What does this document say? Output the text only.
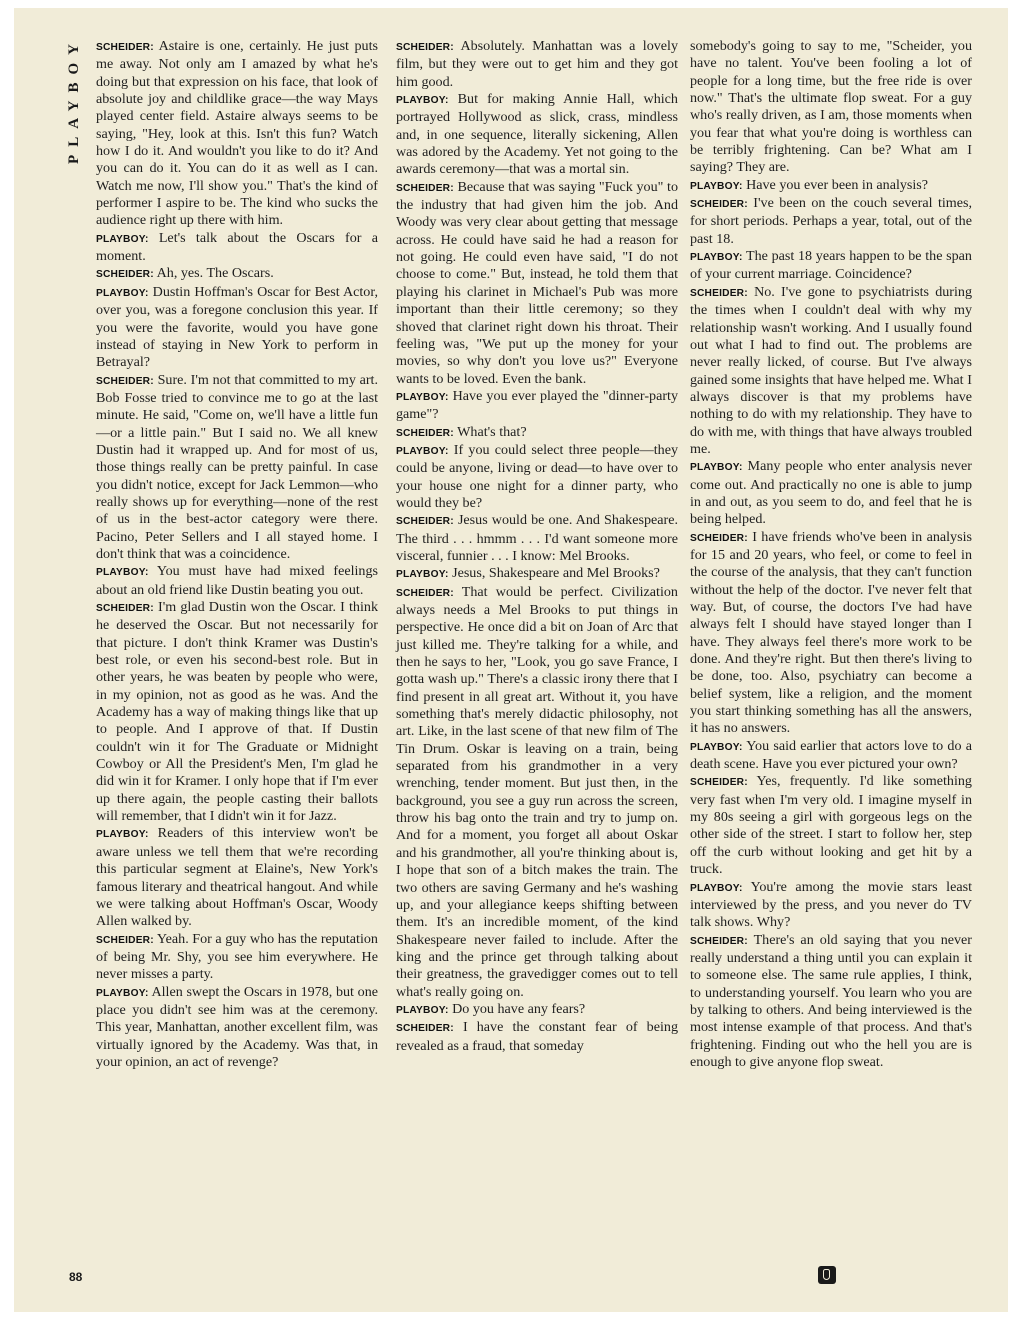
PLAYBOY
88

SCHEIDER: Astaire is one, certainly. He just puts me away. Not only am I amazed by what he's doing but that expression on his face, that look of absolute joy and childlike grace—the way Mays played center field. Astaire always seems to be saying, "Hey, look at this. Isn't this fun? Watch how I do it. And wouldn't you like to do it? And you can do it. You can do it as well as I can. Watch me now, I'll show you." That's the kind of performer I aspire to be. The kind who sucks the audience right up there with him.

PLAYBOY: Let's talk about the Oscars for a moment.

SCHEIDER: Ah, yes. The Oscars.

PLAYBOY: Dustin Hoffman's Oscar for Best Actor, over you, was a foregone conclusion this year. If you were the favorite, would you have gone instead of staying in New York to perform in Betrayal?

SCHEIDER: Sure. I'm not that committed to my art. Bob Fosse tried to convince me to go at the last minute. He said, "Come on, we'll have a little fun—or a little pain." But I said no. We all knew Dustin had it wrapped up. And for most of us, those things really can be pretty painful. In case you didn't notice, except for Jack Lemmon—who really shows up for everything—none of the rest of us in the best-actor category were there. Pacino, Peter Sellers and I all stayed home. I don't think that was a coincidence.

PLAYBOY: You must have had mixed feelings about an old friend like Dustin beating you out.

SCHEIDER: I'm glad Dustin won the Oscar. I think he deserved the Oscar. But not necessarily for that picture. I don't think Kramer was Dustin's best role, or even his second-best role. But in other years, he was beaten by people who were, in my opinion, not as good as he was. And the Academy has a way of making things like that up to people. And I approve of that. If Dustin couldn't win it for The Graduate or Midnight Cowboy or All the President's Men, I'm glad he did win it for Kramer. I only hope that if I'm ever up there again, the people casting their ballots will remember, that I didn't win it for Jazz.

PLAYBOY: Readers of this interview won't be aware unless we tell them that we're recording this particular segment at Elaine's, New York's famous literary and theatrical hangout. And while we were talking about Hoffman's Oscar, Woody Allen walked by.

SCHEIDER: Yeah. For a guy who has the reputation of being Mr. Shy, you see him everywhere. He never misses a party.

PLAYBOY: Allen swept the Oscars in 1978, but one place you didn't see him was at the ceremony. This year, Manhattan, another excellent film, was virtually ignored by the Academy. Was that, in your opinion, an act of revenge?

SCHEIDER: Absolutely. Manhattan was a lovely film, but they were out to get him and they got him good.

PLAYBOY: But for making Annie Hall, which portrayed Hollywood as slick, crass, mindless and, in one sequence, literally sickening, Allen was adored by the Academy. Yet not going to the awards ceremony—that was a mortal sin.

SCHEIDER: Because that was saying "Fuck you" to the industry that had given him the job. And Woody was very clear about getting that message across. He could have said he had a reason for not going. He could even have said, "I do not choose to come." But, instead, he told them that playing his clarinet in Michael's Pub was more important than their little ceremony; so they shoved that clarinet right down his throat. Their feeling was, "We put up the money for your movies, so why don't you love us?" Everyone wants to be loved. Even the bank.

PLAYBOY: Have you ever played the "dinner-party game"?

SCHEIDER: What's that?

PLAYBOY: If you could select three people—they could be anyone, living or dead—to have over to your house one night for a dinner party, who would they be?

SCHEIDER: Jesus would be one. And Shakespeare. The third . . . hmmm . . . I'd want someone more visceral, funnier . . . I know: Mel Brooks.

PLAYBOY: Jesus, Shakespeare and Mel Brooks?

SCHEIDER: That would be perfect. Civilization always needs a Mel Brooks to put things in perspective. He once did a bit on Joan of Arc that just killed me. They're talking for a while, and then he says to her, "Look, you go save France, I gotta wash up." There's a classic irony there that I find present in all great art. Without it, you have something that's merely didactic philosophy, not art. Like, in the last scene of that new film of The Tin Drum. Oskar is leaving on a train, being separated from his grandmother in a very wrenching, tender moment. But just then, in the background, you see a guy run across the screen, throw his bag onto the train and try to jump on. And for a moment, you forget all about Oskar and his grandmother, all you're thinking about is, I hope that son of a bitch makes the train. The two others are saving Germany and he's washing up, and your allegiance keeps shifting between them. It's an incredible moment, of the kind Shakespeare never failed to include. After the king and the prince get through talking about their greatness, the gravedigger comes out to tell what's really going on.

PLAYBOY: Do you have any fears?

SCHEIDER: I have the constant fear of being revealed as a fraud, that someday

somebody's going to say to me, "Scheider, you have no talent. You've been fooling a lot of people for a long time, but the free ride is over now." That's the ultimate flop sweat. For a guy who's really driven, as I am, those moments when you fear that what you're doing is worthless can be terribly frightening. Can be? What am I saying? They are.

PLAYBOY: Have you ever been in analysis?

SCHEIDER: I've been on the couch several times, for short periods. Perhaps a year, total, out of the past 18.

PLAYBOY: The past 18 years happen to be the span of your current marriage. Coincidence?

SCHEIDER: No. I've gone to psychiatrists during the times when I couldn't deal with why my relationship wasn't working. And I usually found out what I had to find out. The problems are never really licked, of course. But I've always gained some insights that have helped me. What I always discover is that my problems have nothing to do with my relationship. They have to do with me, with things that have always troubled me.

PLAYBOY: Many people who enter analysis never come out. And practically no one is able to jump in and out, as you seem to do, and feel that he is being helped.

SCHEIDER: I have friends who've been in analysis for 15 and 20 years, who feel, or come to feel in the course of the analysis, that they can't function without the help of the doctor. I've never felt that way. But, of course, the doctors I've had have always felt I should have stayed longer than I have. They always feel there's more work to be done. And they're right. But then there's living to be done, too. Also, psychiatry can become a belief system, like a religion, and the moment you start thinking something has all the answers, it has no answers.

PLAYBOY: You said earlier that actors love to do a death scene. Have you ever pictured your own?

SCHEIDER: Yes, frequently. I'd like something very fast when I'm very old. I imagine myself in my 80s seeing a girl with gorgeous legs on the other side of the street. I start to follow her, step off the curb without looking and get hit by a truck.

PLAYBOY: You're among the movie stars least interviewed by the press, and you never do TV talk shows. Why?

SCHEIDER: There's an old saying that you never really understand a thing until you can explain it to someone else. The same rule applies, I think, to understanding yourself. You learn who you are by talking to others. And being interviewed is the most intense example of that process. And that's frightening. Finding out who the hell you are is enough to give anyone flop sweat.
